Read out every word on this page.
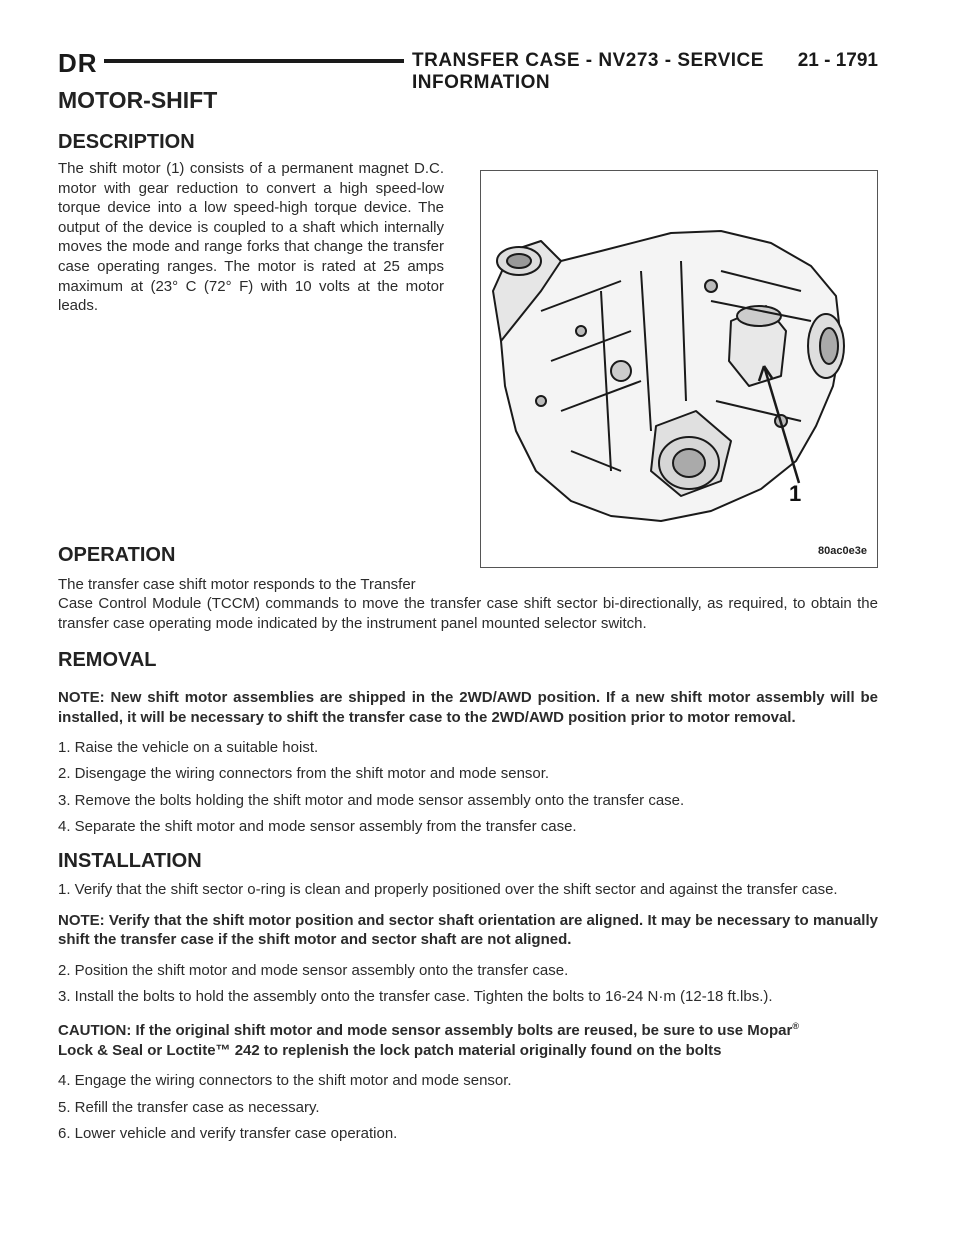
DR	TRANSFER CASE - NV273 - SERVICE INFORMATION
21 - 1791
MOTOR-SHIFT
DESCRIPTION

The shift motor (1) consists of a permanent magnet D.C. motor with gear reduction to convert a high speed-low torque device into a low speed-high torque device. The output of the device is coupled to a shaft which internally moves the mode and range forks that change the transfer case operating ranges. The motor is rated at 25 amps maximum at (23° C (72° F) with 10 volts at the motor leads.

1
80ac0e3e
OPERATION

The transfer case shift motor responds to the Transfer

Case Control Module (TCCM) commands to move the transfer case shift sector bi-directionally, as required, to obtain the transfer case operating mode indicated by the instrument panel mounted selector switch.

REMOVAL

NOTE: New shift motor assemblies are shipped in the 2WD/AWD position. If a new shift motor assembly will be installed, it will be necessary to shift the transfer case to the 2WD/AWD position prior to motor removal.

1. Raise the vehicle on a suitable hoist.

2. Disengage the wiring connectors from the shift motor and mode sensor.

3. Remove the bolts holding the shift motor and mode sensor assembly onto the transfer case.

4. Separate the shift motor and mode sensor assembly from the transfer case.

INSTALLATION

1. Verify that the shift sector o-ring is clean and properly positioned over the shift sector and against the transfer case.

NOTE: Verify that the shift motor position and sector shaft orientation are aligned. It may be necessary to manually shift the transfer case if the shift motor and sector shaft are not aligned.

2. Position the shift motor and mode sensor assembly onto the transfer case.

3. Install the bolts to hold the assembly onto the transfer case. Tighten the bolts to 16-24 N·m (12-18 ft.lbs.).

CAUTION: If the original shift motor and mode sensor assembly bolts are reused, be sure to use Mopar®
Lock & Seal or Loctite™ 242 to replenish the lock patch material originally found on the bolts

4. Engage the wiring connectors to the shift motor and mode sensor.

5. Refill the transfer case as necessary.

6. Lower vehicle and verify transfer case operation.
